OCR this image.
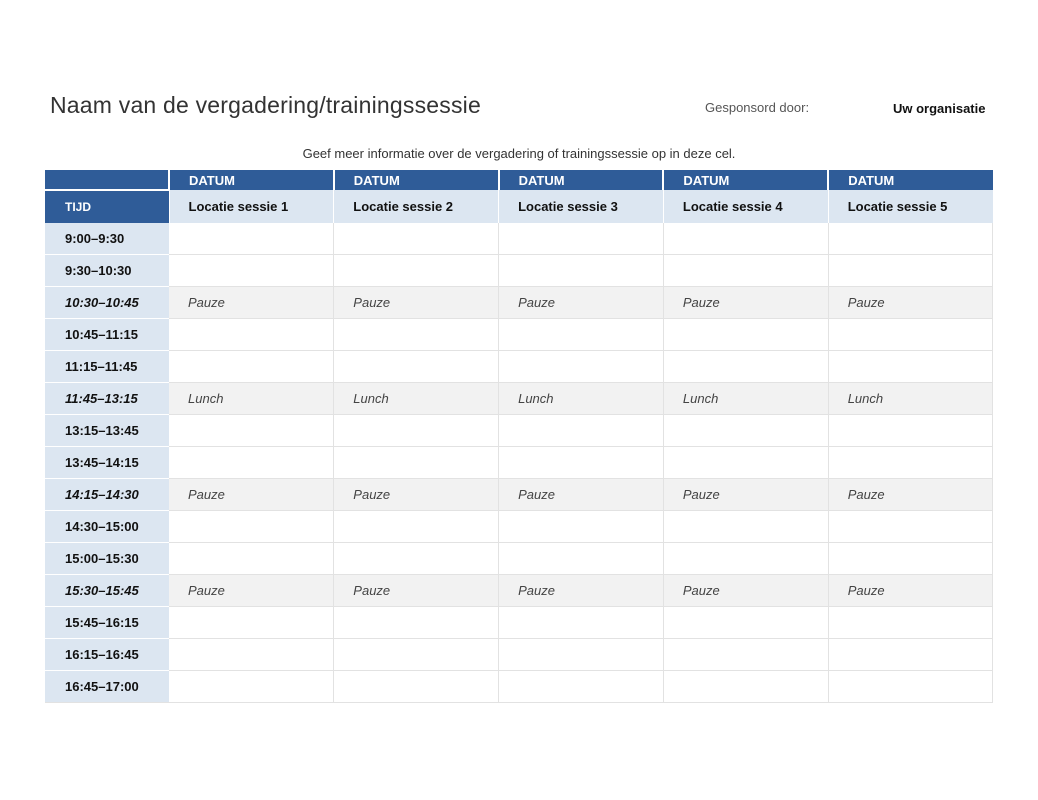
Naam van de vergadering/trainingssessie	Gesponsord door:	Uw organisatie
Geef meer informatie over de vergadering of trainingssessie op in deze cel.
	DATUM	DATUM	DATUM	DATUM	DATUM
TIJD	Locatie sessie 1	Locatie sessie 2	Locatie sessie 3	Locatie sessie 4	Locatie sessie 5
9:00–9:30					
9:30–10:30					
10:30–10:45	Pauze	Pauze	Pauze	Pauze	Pauze
10:45–11:15					
11:15–11:45					
11:45–13:15	Lunch	Lunch	Lunch	Lunch	Lunch
13:15–13:45					
13:45–14:15					
14:15–14:30	Pauze	Pauze	Pauze	Pauze	Pauze
14:30–15:00					
15:00–15:30					
15:30–15:45	Pauze	Pauze	Pauze	Pauze	Pauze
15:45–16:15					
16:15–16:45					
16:45–17:00					
